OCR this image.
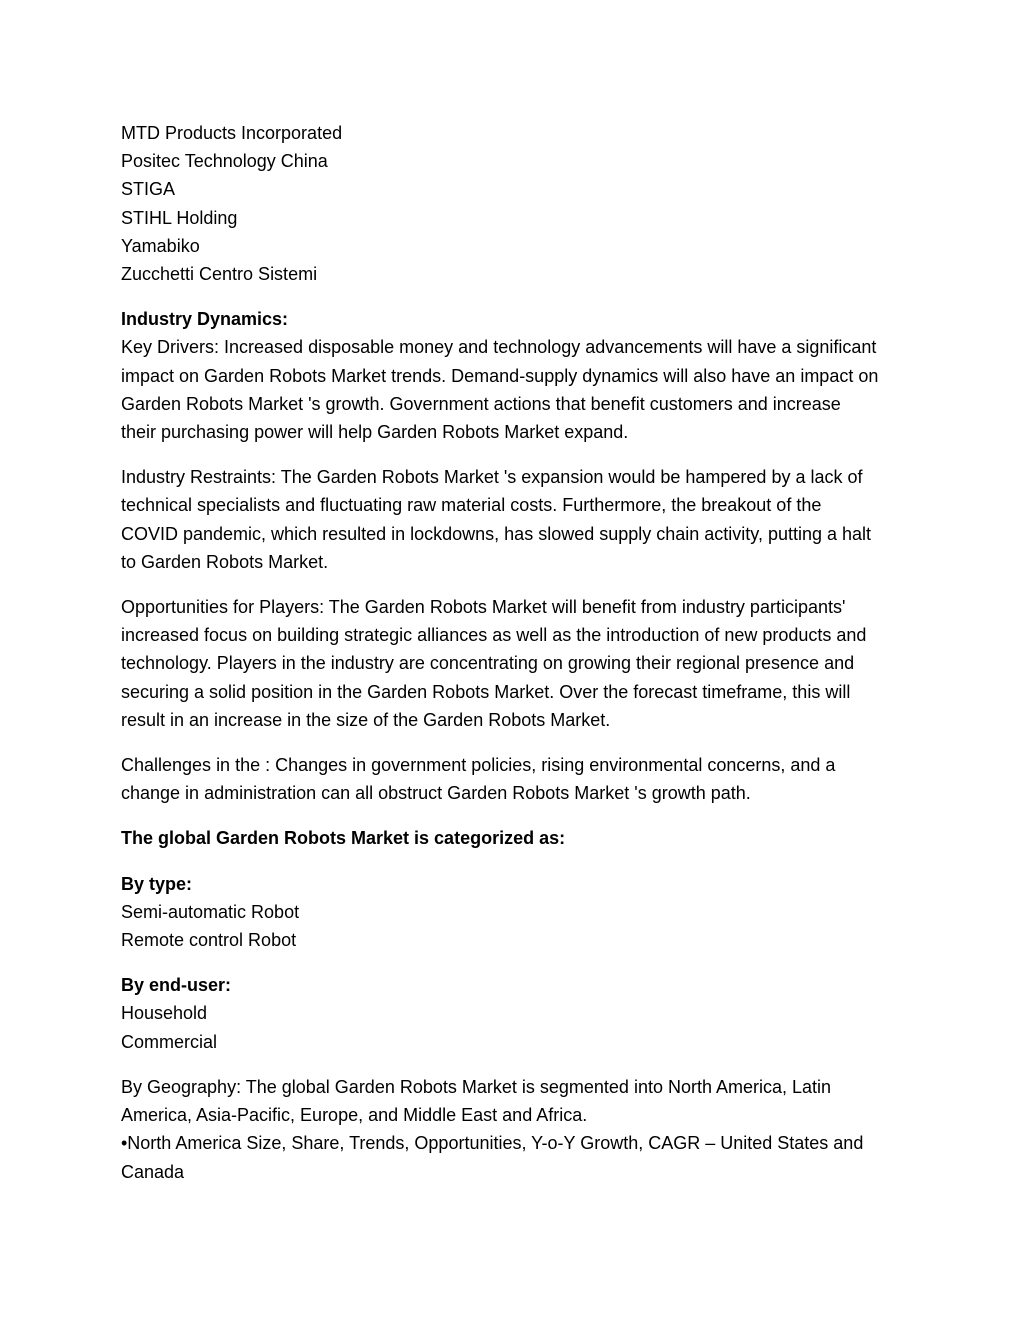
MTD Products Incorporated
Positec Technology China
STIGA
STIHL Holding
Yamabiko
Zucchetti Centro Sistemi
Industry Dynamics:
Key Drivers: Increased disposable money and technology advancements will have a significant
impact on Garden Robots Market trends. Demand-supply dynamics will also have an impact on
Garden Robots Market 's growth. Government actions that benefit customers and increase
their purchasing power will help Garden Robots Market expand.
Industry Restraints: The Garden Robots Market 's expansion would be hampered by a lack of
technical specialists and fluctuating raw material costs. Furthermore, the breakout of the
COVID pandemic, which resulted in lockdowns, has slowed supply chain activity, putting a halt
to Garden Robots Market.
Opportunities for Players: The Garden Robots Market will benefit from industry participants'
increased focus on building strategic alliances as well as the introduction of new products and
technology. Players in the industry are concentrating on growing their regional presence and
securing a solid position in the Garden Robots Market. Over the forecast timeframe, this will
result in an increase in the size of the Garden Robots Market.
Challenges in the : Changes in government policies, rising environmental concerns, and a
change in administration can all obstruct Garden Robots Market 's growth path.
The global Garden Robots Market is categorized as:
By type:
Semi-automatic Robot
Remote control Robot
By end-user:
Household
Commercial
By Geography: The global Garden Robots Market is segmented into North America, Latin
America, Asia-Pacific, Europe, and Middle East and Africa.
•North America Size, Share, Trends, Opportunities, Y-o-Y Growth, CAGR – United States and
Canada
